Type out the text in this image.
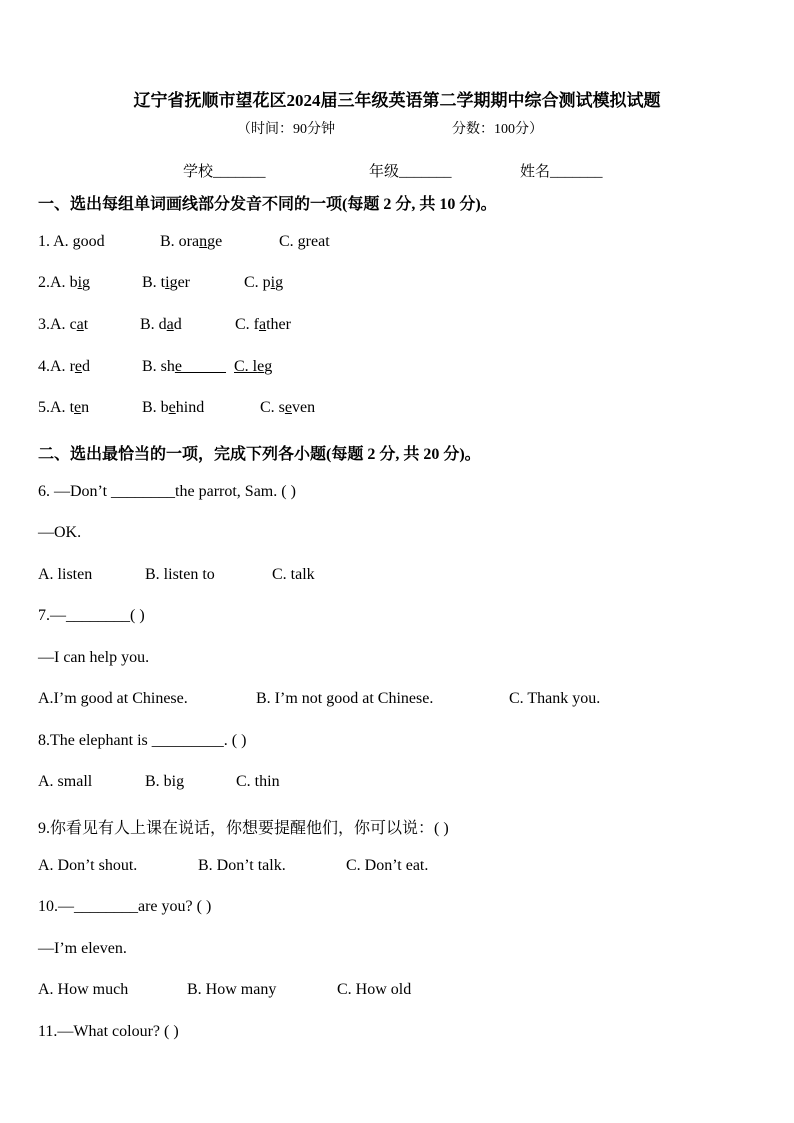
辽宁省抚顺市望花区2024届三年级英语第二学期期中综合测试模拟试题
（时间：90分钟	分数：100分）
学校_______	年级_______	姓名_______
一、选出每组单词画线部分发音不同的一项(每题 2 分, 共 10 分)。
1. A. good	B. orange	C. great
2.A. big	B. tiger	C. pig
3.A. cat	B. dad	C. father
4.A. red	B. she	C. leg
5.A. ten	B. behind	C. seven
二、选出最恰当的一项，完成下列各小题(每题 2 分, 共 20 分)。
6. —Don’t ________the parrot, Sam. ( )
—OK.
A. listen	B. listen to	C. talk
7.—________( )
—I can help you.
A.I’m good at Chinese.	B. I’m not good at Chinese.	C. Thank you.
8.The elephant is _________. ( )
A. small	B. big	C. thin
9.你看见有人上课在说话，你想要提醒他们，你可以说：( )
A. Don’t shout.	B. Don’t talk.	C. Don’t eat.
10.—________are you? ( )
—I’m eleven.
A. How much	B. How many	C. How old
11.—What colour? ( )
